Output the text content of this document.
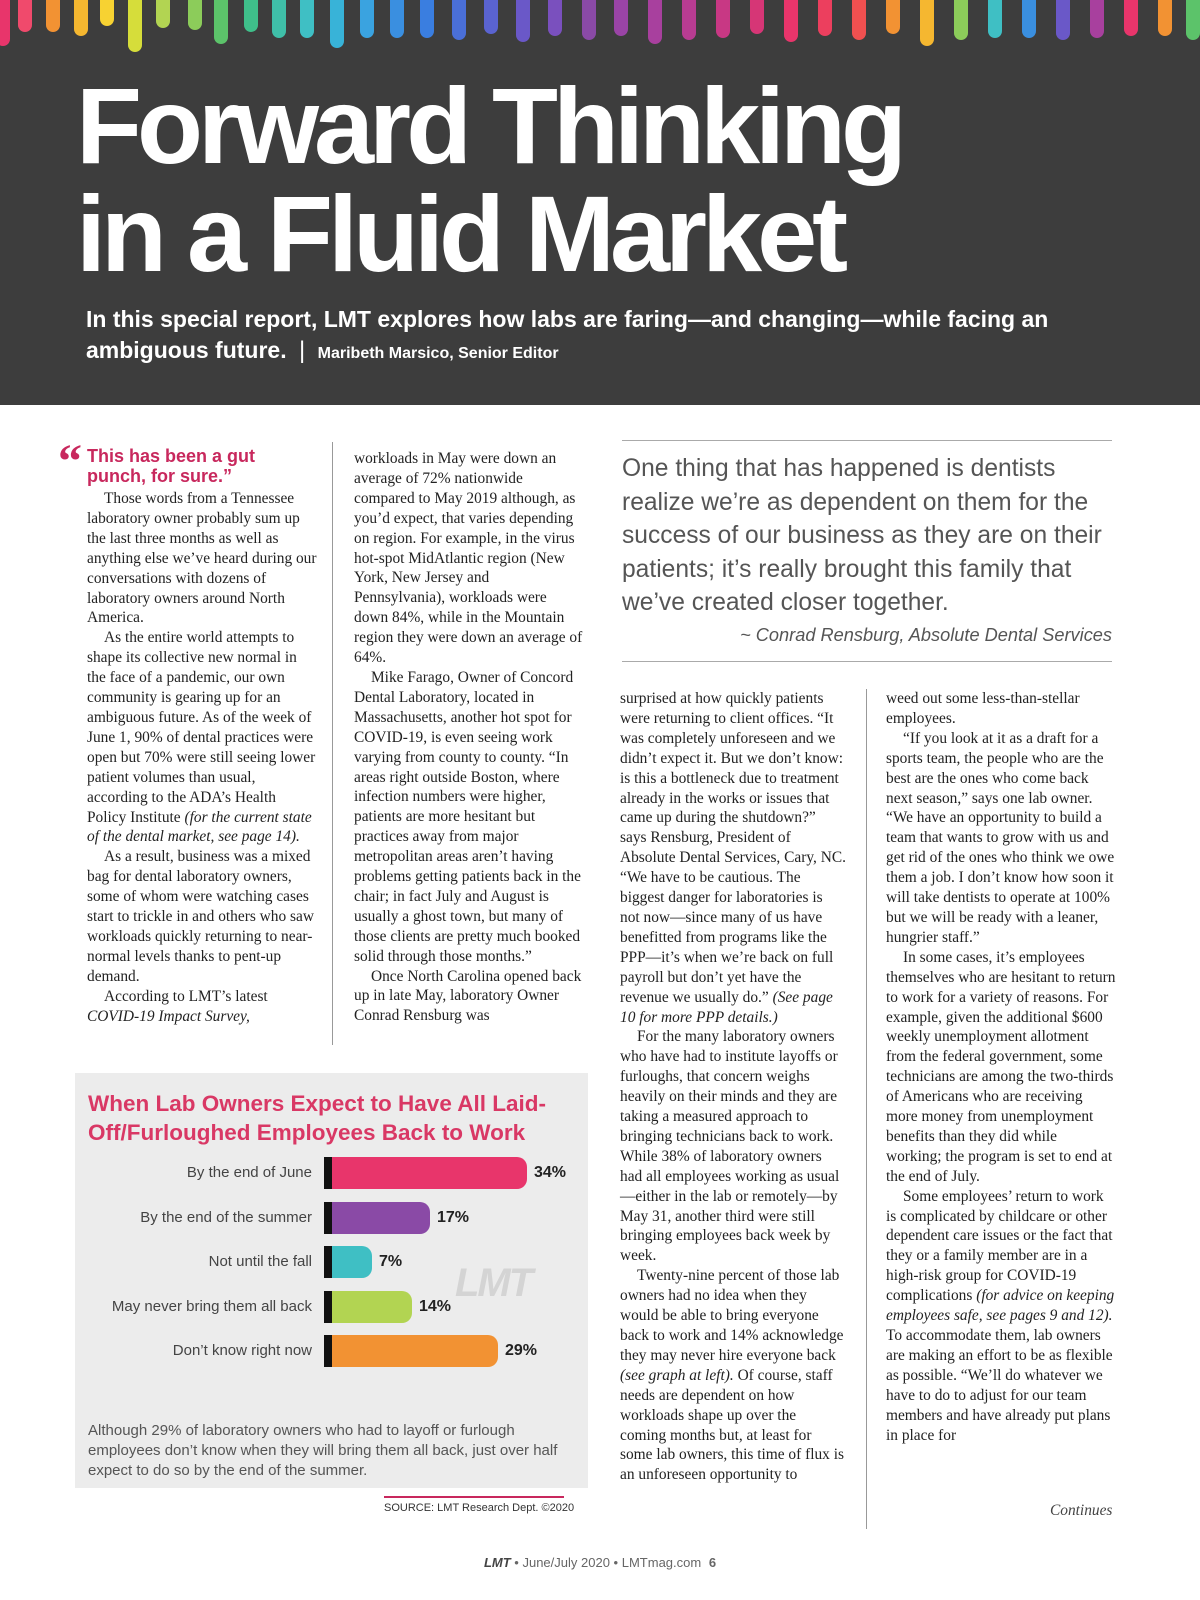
Forward Thinking
in a Fluid Market
In this special report, LMT explores how labs are faring—and changing—while facing an ambiguous future. | Maribeth Marsico, Senior Editor
“ This has been a gut punch, for sure.”

Those words from a Tennessee laboratory owner probably sum up the last three months as well as anything else we’ve heard during our conversations with dozens of laboratory owners around North America.

As the entire world attempts to shape its collective new normal in the face of a pandemic, our own community is gearing up for an ambiguous future. As of the week of June 1, 90% of dental practices were open but 70% were still seeing lower patient volumes than usual, according to the ADA’s Health Policy Institute (for the current state of the dental market, see page 14).

As a result, business was a mixed bag for dental laboratory owners, some of whom were watching cases start to trickle in and others who saw workloads quickly returning to near-normal levels thanks to pent-up demand.

According to LMT’s latest COVID-19 Impact Survey,

workloads in May were down an average of 72% nationwide compared to May 2019 although, as you’d expect, that varies depending on region. For example, in the virus hot-spot MidAtlantic region (New York, New Jersey and Pennsylvania), workloads were down 84%, while in the Mountain region they were down an average of 64%.

Mike Farago, Owner of Concord Dental Laboratory, located in Massachusetts, another hot spot for COVID-19, is even seeing work varying from county to county. “In areas right outside Boston, where infection numbers were higher, patients are more hesitant but practices away from major metropolitan areas aren’t having problems getting patients back in the chair; in fact July and August is usually a ghost town, but many of those clients are pretty much booked solid through those months.”

Once North Carolina opened back up in late May, laboratory Owner Conrad Rensburg was

One thing that has happened is dentists realize we’re as dependent on them for the success of our business as they are on their patients; it’s really brought this family that we’ve created closer together.
~ Conrad Rensburg, Absolute Dental Services

surprised at how quickly patients were returning to client offices. “It was completely unforeseen and we didn’t expect it. But we don’t know: is this a bottleneck due to treatment already in the works or issues that came up during the shutdown?” says Rensburg, President of Absolute Dental Services, Cary, NC. “We have to be cautious. The biggest danger for laboratories is not now—since many of us have benefitted from programs like the PPP—it’s when we’re back on full payroll but don’t yet have the revenue we usually do.” (See page 10 for more PPP details.)

For the many laboratory owners who have had to institute layoffs or furloughs, that concern weighs heavily on their minds and they are taking a measured approach to bringing technicians back to work. While 38% of laboratory owners had all employees working as usual—either in the lab or remotely—by May 31, another third were still bringing employees back week by week.

Twenty-nine percent of those lab owners had no idea when they would be able to bring everyone back to work and 14% acknowledge they may never hire everyone back (see graph at left). Of course, staff needs are dependent on how workloads shape up over the coming months but, at least for some lab owners, this time of flux is an unforeseen opportunity to

weed out some less-than-stellar employees.

“If you look at it as a draft for a sports team, the people who are the best are the ones who come back next season,” says one lab owner. “We have an opportunity to build a team that wants to grow with us and get rid of the ones who think we owe them a job. I don’t know how soon it will take dentists to operate at 100% but we will be ready with a leaner, hungrier staff.”

In some cases, it’s employees themselves who are hesitant to return to work for a variety of reasons. For example, given the additional $600 weekly unemployment allotment from the federal government, some technicians are among the two-thirds of Americans who are receiving more money from unemployment benefits than they did while working; the program is set to end at the end of July.

Some employees’ return to work is complicated by childcare or other dependent care issues or the fact that they or a family member are in a high-risk group for COVID-19 complications (for advice on keeping employees safe, see pages 9 and 12). To accommodate them, lab owners are making an effort to be as flexible as possible. “We’ll do whatever we have to do to adjust for our team members and have already put plans in place for

Continues
When Lab Owners Expect to Have All Laid-Off/Furloughed Employees Back to Work
LMT
By the end of June	34%
By the end of the summer	17%
Not until the fall	7%
May never bring them all back	14%
Don’t know right now	29%
Although 29% of laboratory owners who had to layoff or furlough employees don’t know when they will bring them all back, just over half expect to do so by the end of the summer.
SOURCE: LMT Research Dept. ©2020
LMT • June/July 2020 • LMTmag.com 6
